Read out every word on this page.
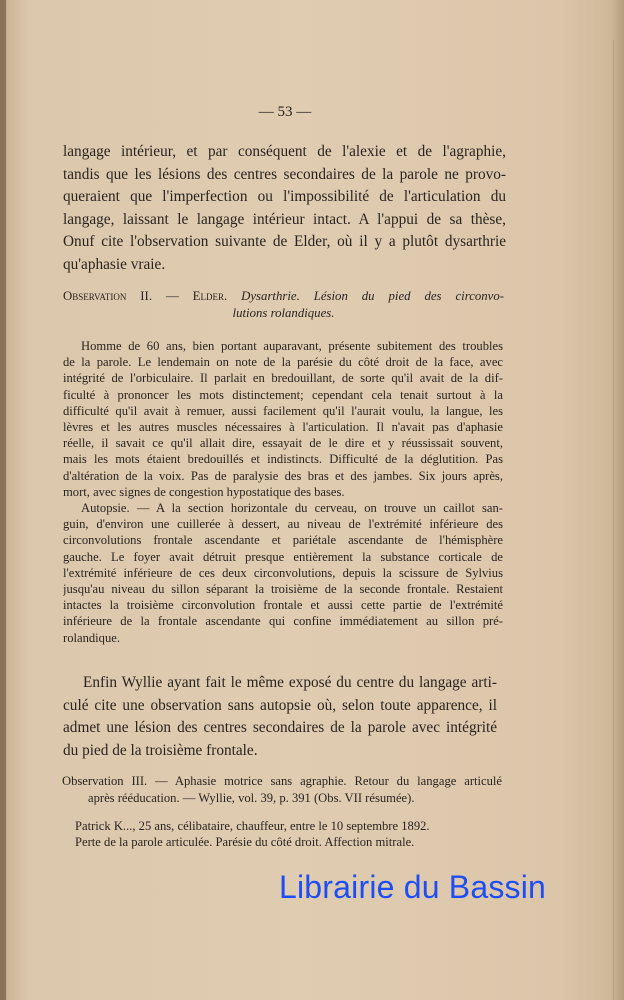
— 53 —
langage intérieur, et par conséquent de l'alexie et de l'agraphie,
tandis que les lésions des centres secondaires de la parole ne provo-
queraient que l'imperfection ou l'impossibilité de l'articulation du
langage, laissant le langage intérieur intact. A l'appui de sa thèse,
Onuf cite l'observation suivante de Elder, où il y a plutôt dysarthrie
qu'aphasie vraie.
Observation II. — Elder. Dysarthrie. Lésion du pied des circonvo-
lutions rolandiques.
Homme de 60 ans, bien portant auparavant, présente subitement des troubles
de la parole. Le lendemain on note de la parésie du côté droit de la face, avec
intégrité de l'orbiculaire. Il parlait en bredouillant, de sorte qu'il avait de la dif-
ficulté à prononcer les mots distinctement; cependant cela tenait surtout à la
difficulté qu'il avait à remuer, aussi facilement qu'il l'aurait voulu, la langue, les
lèvres et les autres muscles nécessaires à l'articulation. Il n'avait pas d'aphasie
réelle, il savait ce qu'il allait dire, essayait de le dire et y réussissait souvent,
mais les mots étaient bredouillés et indistincts. Difficulté de la déglutition. Pas
d'altération de la voix. Pas de paralysie des bras et des jambes. Six jours après,
mort, avec signes de congestion hypostatique des bases.
Autopsie. — A la section horizontale du cerveau, on trouve un caillot san-
guin, d'environ une cuillerée à dessert, au niveau de l'extrémité inférieure des
circonvolutions frontale ascendante et pariétale ascendante de l'hémisphère
gauche. Le foyer avait détruit presque entièrement la substance corticale de
l'extrémité inférieure de ces deux circonvolutions, depuis la scissure de Sylvius
jusqu'au niveau du sillon séparant la troisième de la seconde frontale. Restaient
intactes la troisième circonvolution frontale et aussi cette partie de l'extrémité
inférieure de la frontale ascendante qui confine immédiatement au sillon pré-
rolandique.
Enfin Wyllie ayant fait le même exposé du centre du langage arti-
culé cite une observation sans autopsie où, selon toute apparence, il
admet une lésion des centres secondaires de la parole avec intégrité
du pied de la troisième frontale.
Observation III. — Aphasie motrice sans agraphie. Retour du langage articulé
après rééducation. — Wyllie, vol. 39, p. 391 (Obs. VII résumée).
Patrick K..., 25 ans, célibataire, chauffeur, entre le 10 septembre 1892.
Perte de la parole articulée. Parésie du côté droit. Affection mitrale.
Librairie du Bassin
